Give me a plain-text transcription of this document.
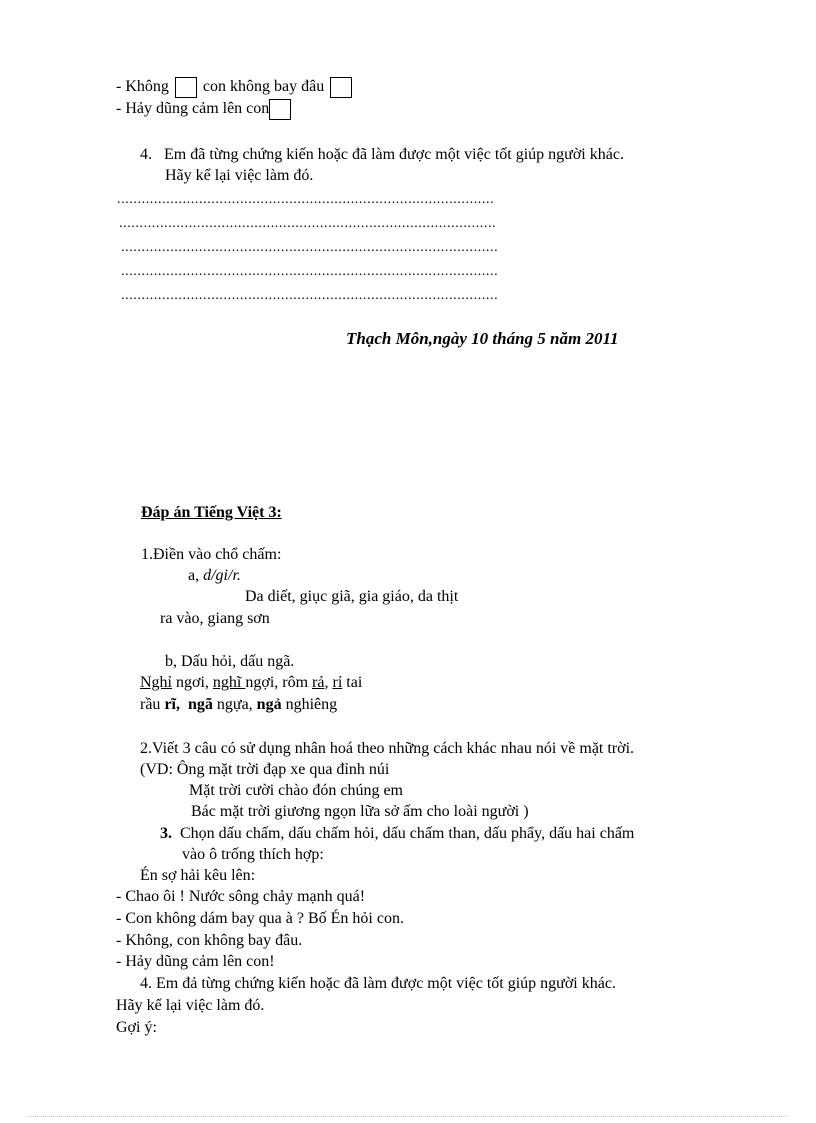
- Không con không bay đâu
- Hảy dũng cảm lên con
4. Em đã từng chứng kiến hoặc đã làm được một việc tốt giúp người khác.
Hãy kể lại việc làm đó.
............................................................................................
............................................................................................
............................................................................................
............................................................................................
............................................................................................
Thạch Môn,ngày 10 tháng 5 năm 2011
Đáp án Tiếng Việt 3:
1.Điền vào chổ chấm:
a, d/gi/r.
Da diết, giục giã, gia giáo, da thịt
ra vào, giang sơn
b, Dấu hỏi, dấu ngã.
Nghỉ ngơi, nghĩ ngợi, rôm rả, rỉ tai
rầu rĩ, ngã ngựa, ngả nghiêng
2.Viết 3 câu có sử dụng nhân hoá theo những cách khác nhau nói về mặt trời.
(VD: Ông mặt trời đạp xe qua đỉnh núi
Mặt trời cười chào đón chúng em
Bác mặt trời giương ngọn lữa sở ấm cho loài người )
3. Chọn dấu chấm, dấu chấm hỏi, dấu chấm than, dấu phẩy, dấu hai chấm
vào ô trống thích hợp:
Én sợ hải kêu lên:
- Chao ôi ! Nước sông chảy mạnh quá!
- Con không dám bay qua à ? Bố Én hỏi con.
- Không, con không bay đâu.
- Hảy dũng cảm lên con!
4. Em đả từng chứng kiến hoặc đã làm được một việc tốt giúp người khác.
Hãy kể lại việc làm đó.
Gợi ý:
